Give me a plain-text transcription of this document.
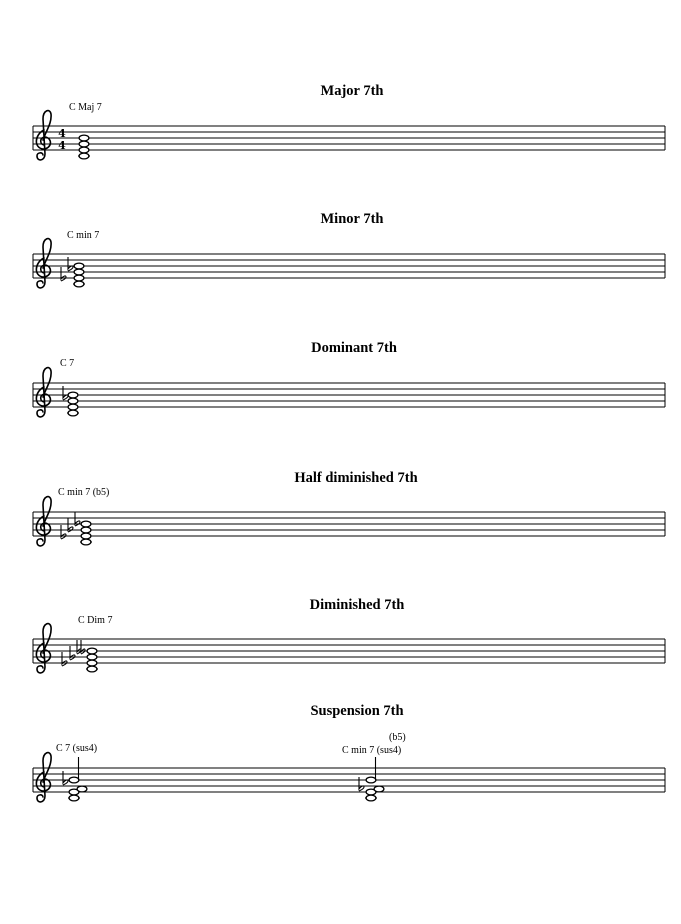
Major 7th
C Maj 7
4
4
Minor 7th
C min 7
Dominant 7th
C 7
Half diminished 7th
C min 7 (b5)
Diminished 7th
C Dim 7
Suspension 7th
C 7 (sus4)
(b5)
C min 7 (sus4)
